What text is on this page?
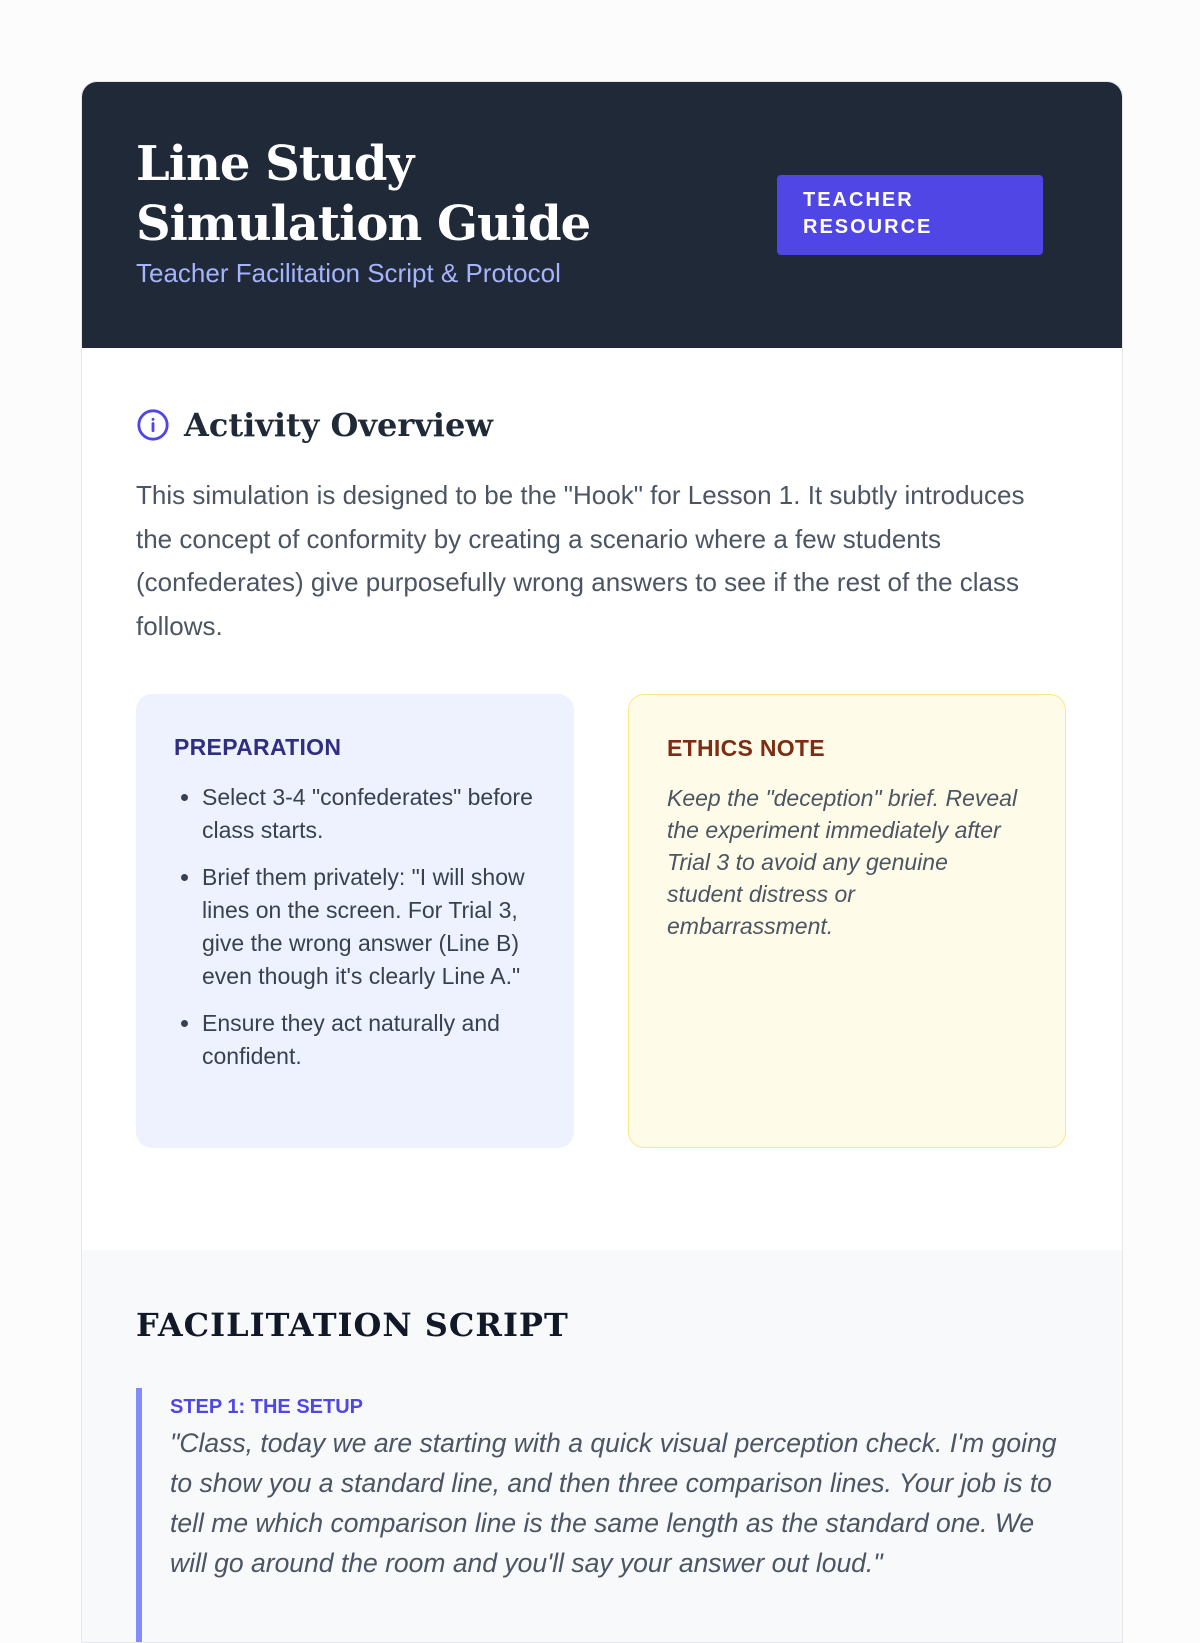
Line Study Simulation Guide
Teacher Facilitation Script & Protocol
TEACHER RESOURCE
Activity Overview

This simulation is designed to be the "Hook" for Lesson 1. It subtly introduces the concept of conformity by creating a scenario where a few students (confederates) give purposefully wrong answers to see if the rest of the class follows.

PREPARATION
• Select 3-4 "confederates" before class starts.
• Brief them privately: "I will show lines on the screen. For Trial 3, give the wrong answer (Line B) even though it's clearly Line A."
• Ensure they act naturally and confident.
ETHICS NOTE

Keep the "deception" brief. Reveal the experiment immediately after Trial 3 to avoid any genuine student distress or embarrassment.

FACILITATION SCRIPT
STEP 1: THE SETUP

"Class, today we are starting with a quick visual perception check. I'm going to show you a standard line, and then three comparison lines. Your job is to tell me which comparison line is the same length as the standard one. We will go around the room and you'll say your answer out loud."
